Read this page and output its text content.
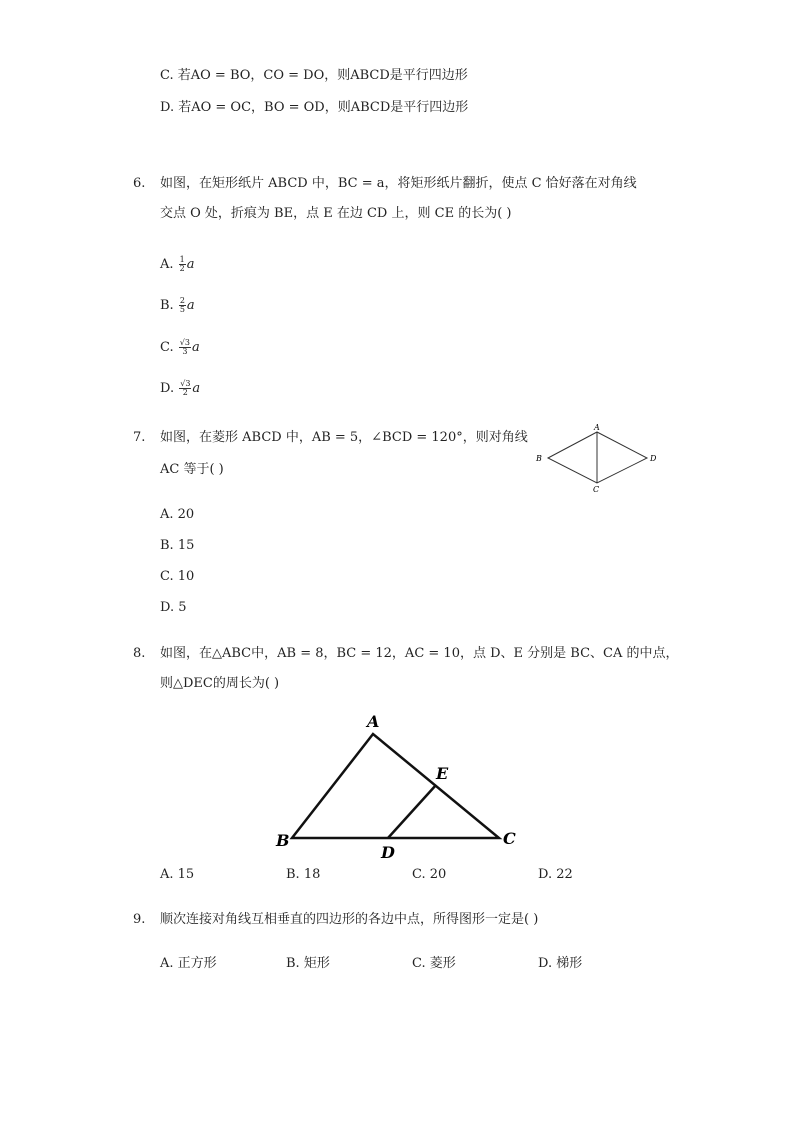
C. 若AO = BO，CO = DO，则ABCD是平行四边形
D. 若AO = OC，BO = OD，则ABCD是平行四边形
6. 如图，在矩形纸片 ABCD 中，BC = a，将矩形纸片翻折，使点 C 恰好落在对角线
交点 O 处，折痕为 BE，点 E 在边 CD 上，则 CE 的长为( )
A. $\frac{1}{2}$ a
B. $\frac{2}{5}$ a
C. $\frac{√3}{3}$ a
D. $\frac{√3}{2}$ a
7. 如图，在菱形 ABCD 中，AB = 5，∠BCD = 120°，则对角线
AC 等于( )
A
B
C
D
A. 20
B. 15
C. 10
D. 5
8. 如图，在△ABC中，AB = 8，BC = 12，AC = 10，点 D、E 分别是 BC、CA 的中点，
则△DEC的周长为( )
A
B	C
D
E
A. 15	B. 18	C. 20	D. 22
9. 顺次连接对角线互相垂直的四边形的各边中点，所得图形一定是( )
A. 正方形	B. 矩形	C. 菱形	D. 梯形
